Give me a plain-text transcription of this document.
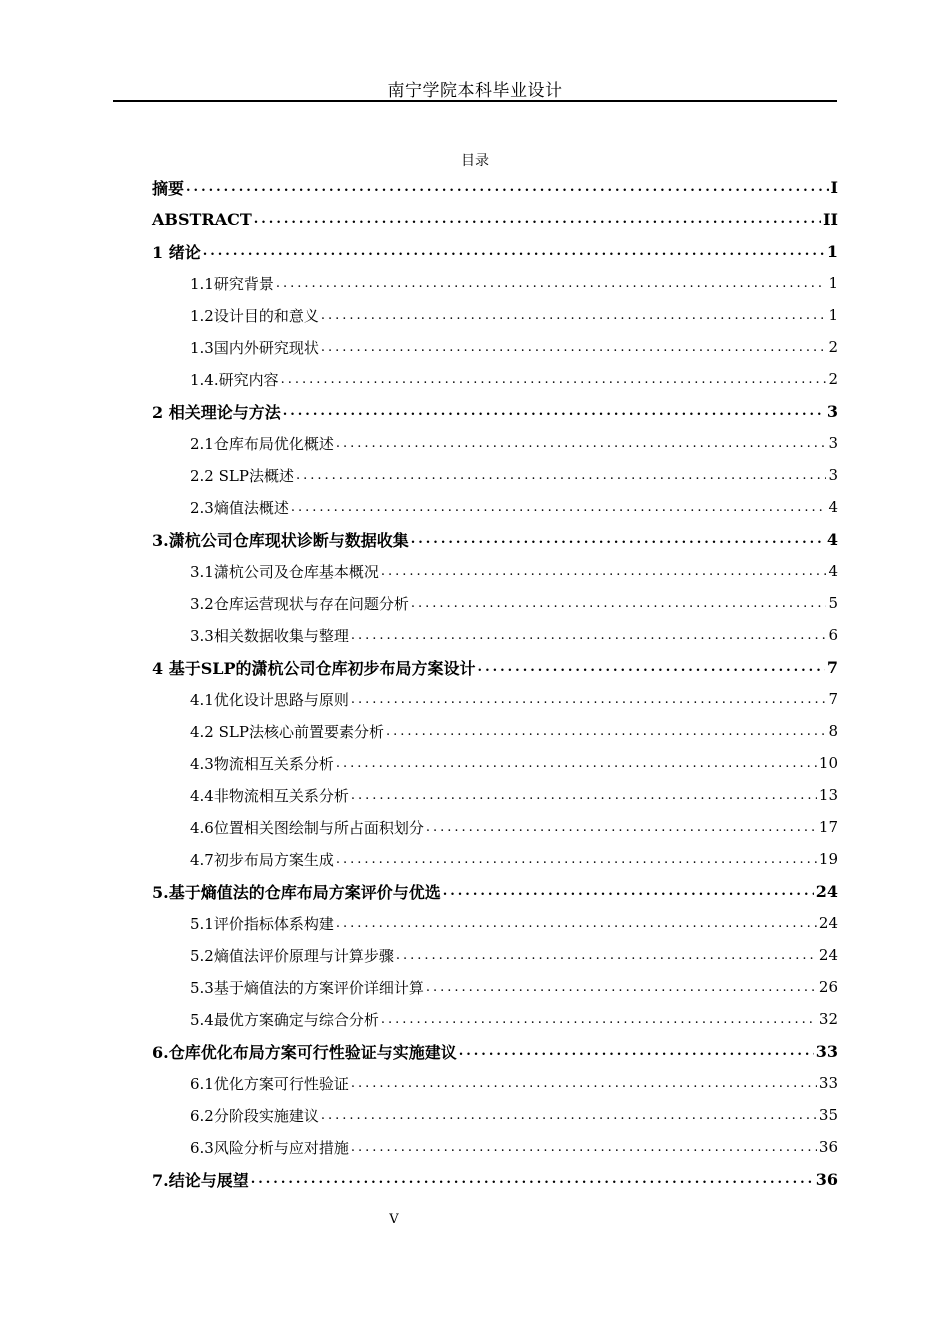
南宁学院本科毕业设计
目录
摘要 .....	I
ABSTRACT .....	II
1 绪论 .....	1
1.1研究背景 .....	1
1.2设计目的和意义 .....	1
1.3国内外研究现状 .....	2
1.4.研究内容 .....	2
2 相关理论与方法 .....	3
2.1仓库布局优化概述 .....	3
2.2 SLP法概述 .....	3
2.3熵值法概述 .....	4
3.潇杭公司仓库现状诊断与数据收集 .....	4
3.1潇杭公司及仓库基本概况 .....	4
3.2仓库运营现状与存在问题分析 .....	5
3.3相关数据收集与整理 .....	6
4 基于SLP的潇杭公司仓库初步布局方案设计 .....	7
4.1优化设计思路与原则 .....	7
4.2 SLP法核心前置要素分析 .....	8
4.3物流相互关系分析 .....	10
4.4非物流相互关系分析 .....	13
4.6位置相关图绘制与所占面积划分 .....	17
4.7初步布局方案生成 .....	19
5.基于熵值法的仓库布局方案评价与优选 .....	24
5.1评价指标体系构建 .....	24
5.2熵值法评价原理与计算步骤 .....	24
5.3基于熵值法的方案评价详细计算 .....	26
5.4最优方案确定与综合分析 .....	32
6.仓库优化布局方案可行性验证与实施建议 .....	33
6.1优化方案可行性验证 .....	33
6.2分阶段实施建议 .....	35
6.3风险分析与应对措施 .....	36
7.结论与展望 .....	36
V
